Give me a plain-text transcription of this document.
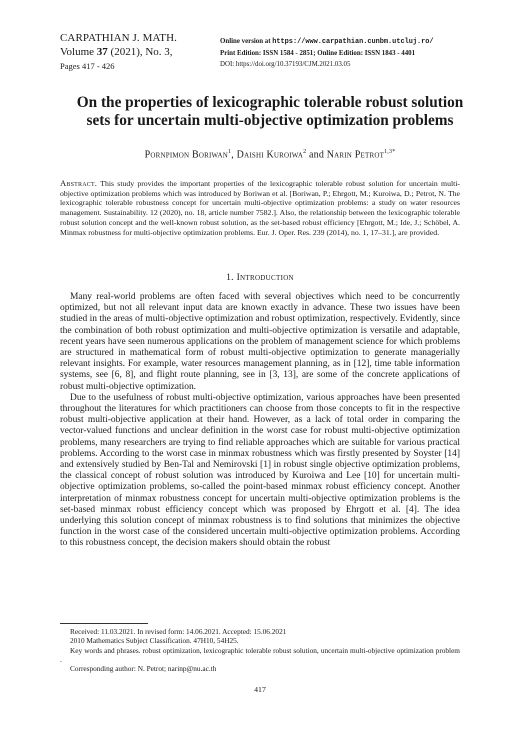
CARPATHIAN J. MATH.
Volume 37 (2021), No. 3,
Pages 417 - 426
Online version at https://www.carpathian.cunbm.utcluj.ro/
Print Edition: ISSN 1584 - 2851; Online Edition: ISSN 1843 - 4401
DOI: https://doi.org/10.37193/CJM.2021.03.05
On the properties of lexicographic tolerable robust solution
sets for uncertain multi-objective optimization problems
Pornpimon Boriwan$^1$, Daishi Kuroiwa$^2$ and Narin Petrot$^{1,3*}$
Abstract. This study provides the important properties of the lexicographic tolerable robust solution for uncertain multi-objective optimization problems which was introduced by Boriwan et al. [Boriwan, P.; Ehrgott, M.; Kuroiwa, D.; Petrot, N. The lexicographic tolerable robustness concept for uncertain multi-objective optimization problems: a study on water resources management. Sustainability. 12 (2020), no. 18, article number 7582.]. Also, the relationship between the lexicographic tolerable robust solution concept and the well-known robust solution, as the set-based robust efficiency [Ehrgott, M.; Ide, J.; Schöbel, A. Minmax robustness for multi-objective optimization problems. Eur. J. Oper. Res. 239 (2014), no. 1, 17–31.], are provided.
1. Introduction

Many real-world problems are often faced with several objectives which need to be concurrently optimized, but not all relevant input data are known exactly in advance. These two issues have been studied in the areas of multi-objective optimization and robust optimization, respectively. Evidently, since the combination of both robust optimization and multi-objective optimization is versatile and adaptable, recent years have seen numerous applications on the problem of management science for which problems are structured in mathematical form of robust multi-objective optimization to generate managerially relevant insights. For example, water resources management planning, as in [12], time table information systems, see [6, 8], and flight route planning, see in [3, 13], are some of the concrete applications of robust multi-objective optimization.

Due to the usefulness of robust multi-objective optimization, various approaches have been presented throughout the literatures for which practitioners can choose from those concepts to fit in the respective robust multi-objective application at their hand. However, as a lack of total order in comparing the vector-valued functions and unclear definition in the worst case for robust multi-objective optimization problems, many researchers are trying to find reliable approaches which are suitable for various practical problems. According to the worst case in minmax robustness which was firstly presented by Soyster [14] and extensively studied by Ben-Tal and Nemirovski [1] in robust single objective optimization problems, the classical concept of robust solution was introduced by Kuroiwa and Lee [10] for uncertain multi-objective optimization problems, so-called the point-based minmax robust efficiency concept. Another interpretation of minmax robustness concept for uncertain multi-objective optimization problems is the set-based minmax robust efficiency concept which was proposed by Ehrgott et al. [4]. The idea underlying this solution concept of minmax robustness is to find solutions that minimizes the objective function in the worst case of the considered uncertain multi-objective optimization problems. According to this robustness concept, the decision makers should obtain the robust

Received: 11.03.2021. In revised form: 14.06.2021. Accepted: 15.06.2021

2010 Mathematics Subject Classification. 47H10, 54H25.

Key words and phrases. robust optimization, lexicographic tolerable robust solution, uncertain multi-objective optimization problem .

Corresponding author: N. Petrot; narinp@nu.ac.th

417
